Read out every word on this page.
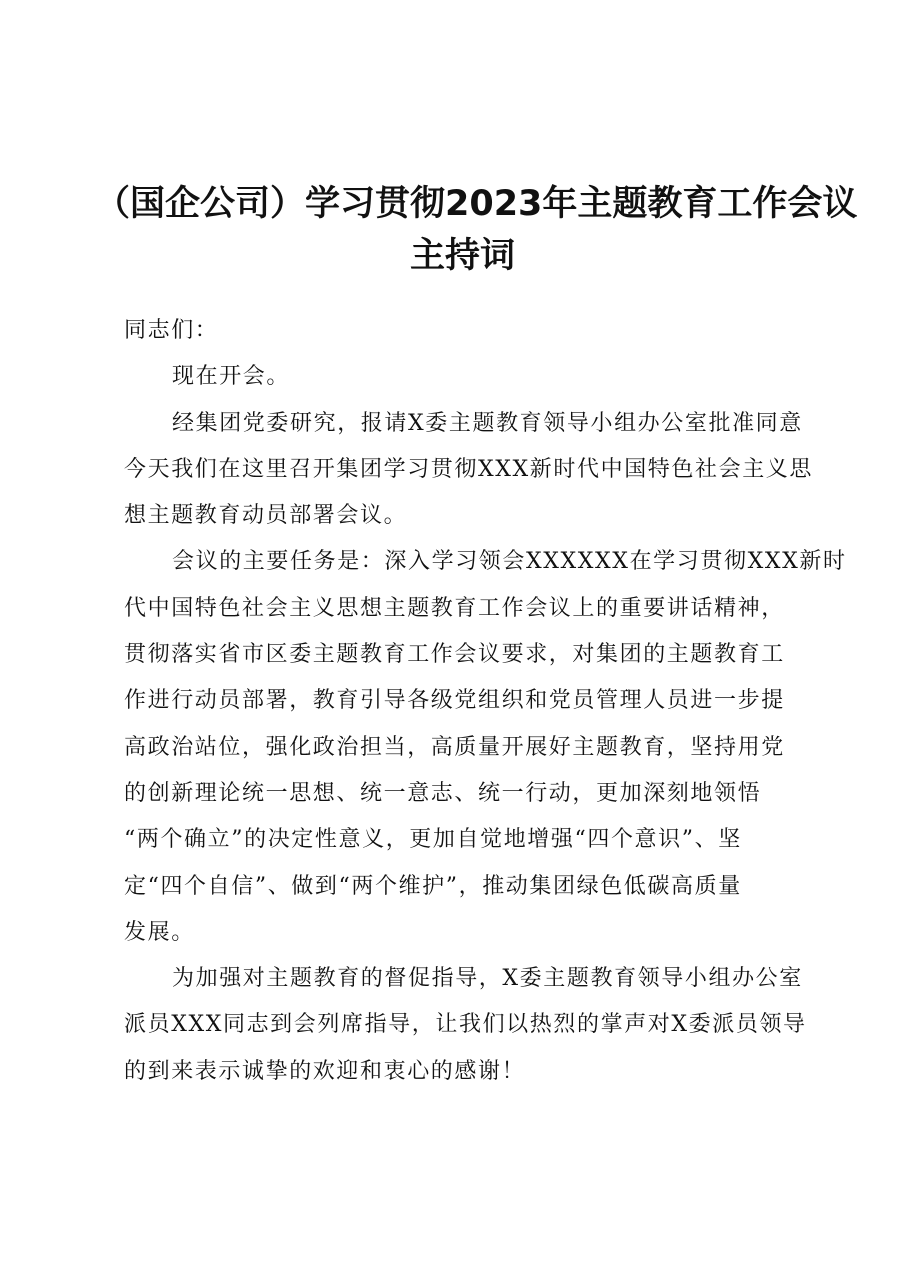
（国企公司）学习贯彻2023年主题教育工作会议
主持词
同志们：
现在开会。
经集团党委研究，报请X委主题教育领导小组办公室批准同意
今天我们在这里召开集团学习贯彻XXX新时代中国特色社会主义思
想主题教育动员部署会议。
会议的主要任务是：深入学习领会XXXXXX在学习贯彻XXX新时
代中国特色社会主义思想主题教育工作会议上的重要讲话精神，
贯彻落实省市区委主题教育工作会议要求，对集团的主题教育工
作进行动员部署，教育引导各级党组织和党员管理人员进一步提
高政治站位，强化政治担当，高质量开展好主题教育，坚持用党
的创新理论统一思想、统一意志、统一行动，更加深刻地领悟
“两个确立”的决定性意义，更加自觉地增强“四个意识”、坚
定“四个自信”、做到“两个维护”，推动集团绿色低碳高质量
发展。
为加强对主题教育的督促指导，X委主题教育领导小组办公室
派员XXX同志到会列席指导，让我们以热烈的掌声对X委派员领导
的到来表示诚挚的欢迎和衷心的感谢！
